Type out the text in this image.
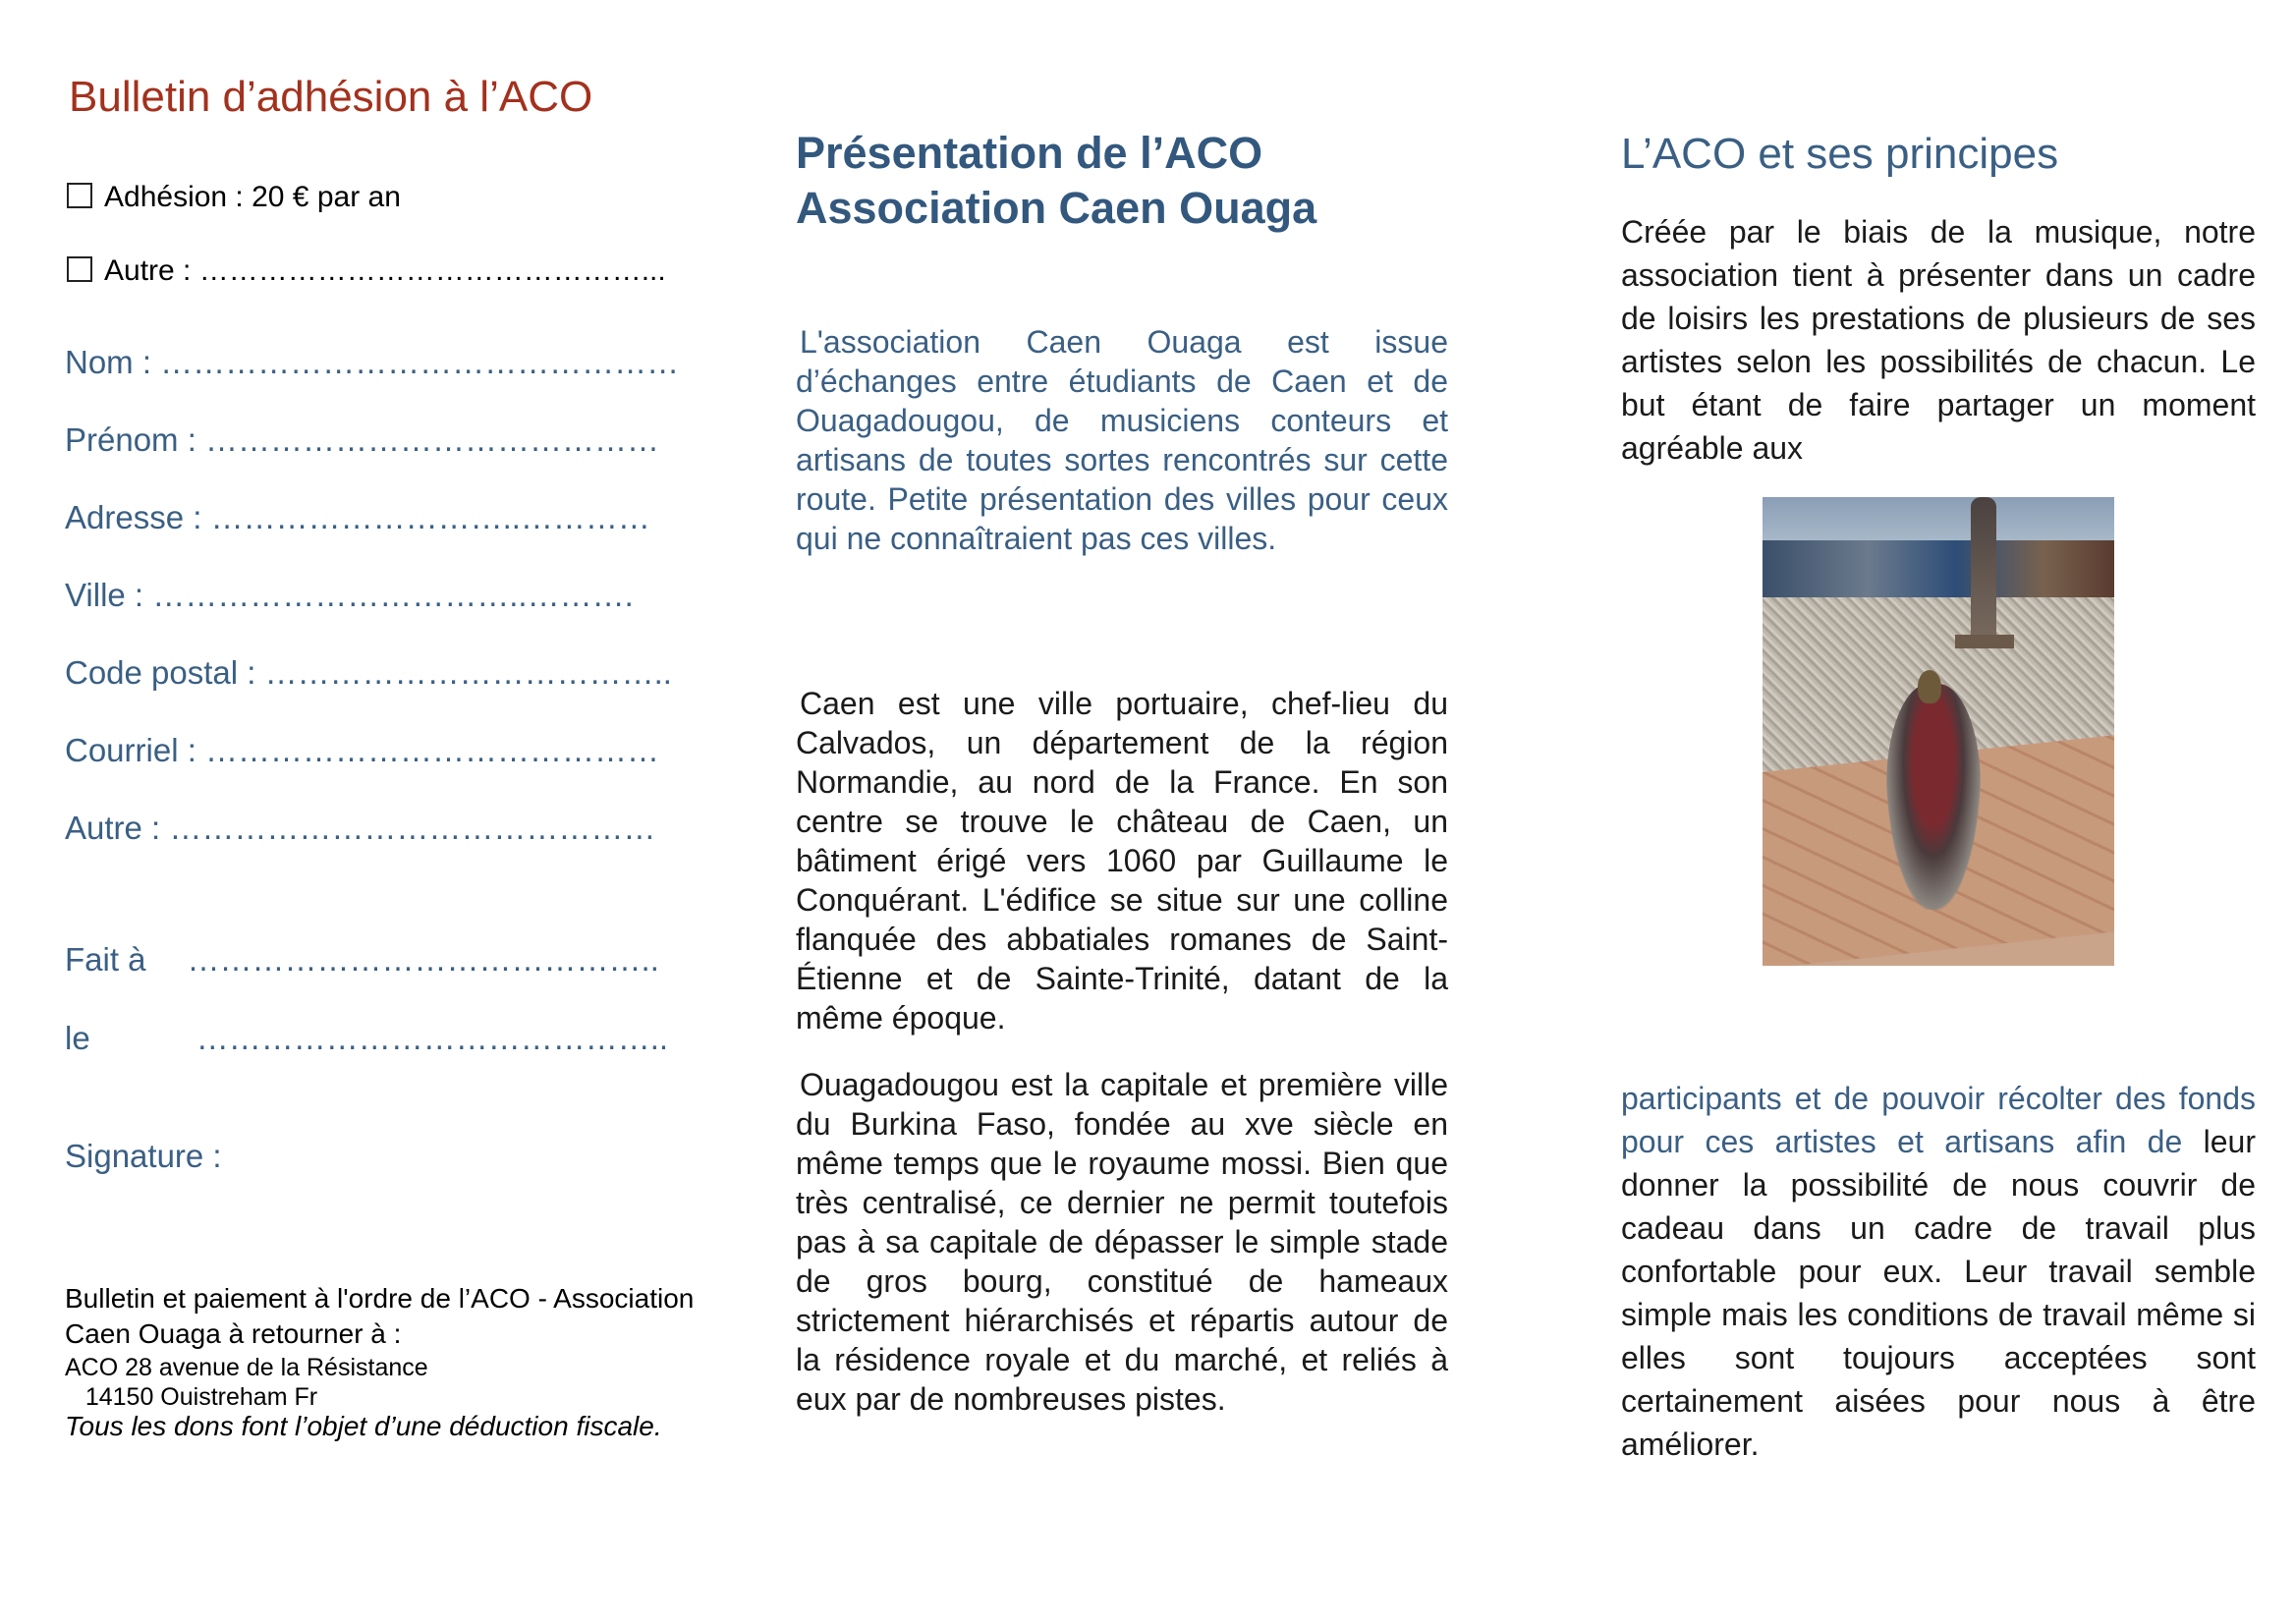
Bulletin d’adhésion à l’ACO
Adhésion : 20 € par an
Autre : ………………………………………...
Nom : …………………………………………
Prénom : ……………………………………
Adresse : ………………………..…………
Ville : ……………………………..……….
Code postal : ………………………………..
Courriel : ……………………………………
Autre : ………………………………………
Fait à ……………………………………..
le	……………………………………..
Signature :
Bulletin et paiement à l'ordre de l’ACO - Association
Caen Ouaga à retourner à :
ACO 28 avenue de la Résistance
14150 Ouistreham Fr
Tous les dons font l’objet d’une déduction fiscale.
Présentation de l’ACO
Association Caen Ouaga

L'association Caen Ouaga est issue d’échanges entre étudiants de Caen et de Ouagadougou, de musiciens conteurs et artisans de toutes sortes rencontrés sur cette route. Petite présentation des villes pour ceux qui ne connaîtraient pas ces villes.

Caen est une ville portuaire, chef-lieu du Calvados, un département de la région Normandie, au nord de la France. En son centre se trouve le château de Caen, un bâtiment érigé vers 1060 par Guillaume le Conquérant. L'édifice se situe sur une colline flanquée des abbatiales romanes de Saint-Étienne et de Sainte-Trinité, datant de la même époque.

Ouagadougou est la capitale et première ville du Burkina Faso, fondée au xve siècle en même temps que le royaume mossi. Bien que très centralisé, ce dernier ne permit toutefois pas à sa capitale de dépasser le simple stade de gros bourg, constitué de hameaux strictement hiérarchisés et répartis autour de la résidence royale et du marché, et reliés à eux par de nombreuses pistes.

L’ACO et ses principes

Créée par le biais de la musique, notre association tient à présenter dans un cadre de loisirs les prestations de plusieurs de ses artistes selon les possibilités de chacun. Le but étant de faire partager un moment agréable aux

participants et de pouvoir récolter des fonds pour ces artistes et artisans afin de leur donner la possibilité de nous couvrir de cadeau dans un cadre de travail plus confortable pour eux. Leur travail semble simple mais les conditions de travail même si elles sont toujours acceptées sont certainement aisées pour nous à être améliorer.
